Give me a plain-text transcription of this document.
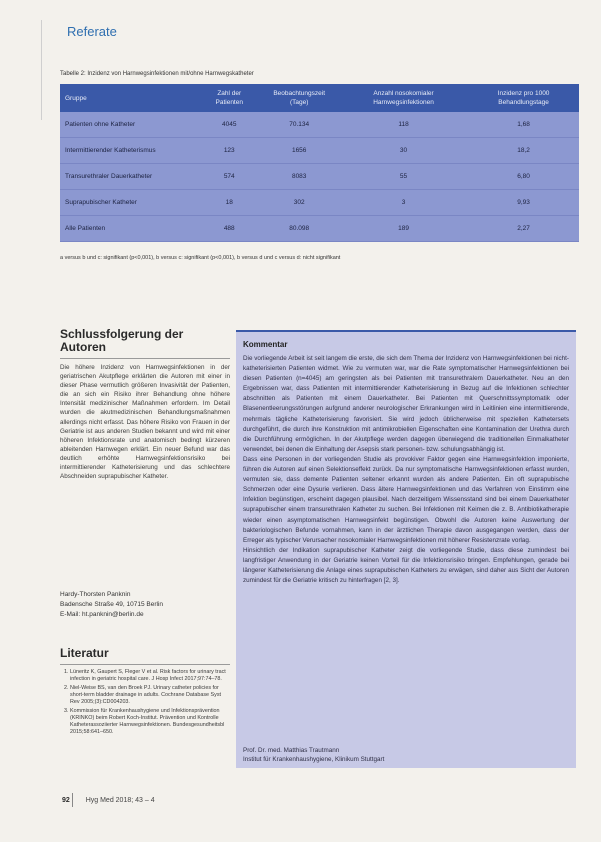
Referate
Tabelle 2: Inzidenz von Harnwegsinfektionen mit/ohne Harnwegskatheter
Gruppe	Zahl der Patienten	Beobachtungszeit (Tage)	Anzahl nosokomialer Harnwegsinfektionen	Inzidenz pro 1000 Behandlungstage
Patienten ohne Katheter	4045	70.134	118	1,68
Intermittierender Katheterismus	123	1656	30	18,2
Transurethraler Dauerkatheter	574	8083	55	6,80
Suprapubischer Katheter	18	302	3	9,93
Alle Patienten	488	80.098	189	2,27
a versus b und c: signifikant (p<0,001), b versus c: signifikant (p<0,001), b versus d und c versus d: nicht signifikant
Schlussfolgerung der Autoren
Die höhere Inzidenz von Harnwegsinfektionen in der geriatrischen Akutpflege erklärten die Autoren mit einer in dieser Phase vermutlich größeren Invasivität der Patienten, die an sich ein Risiko ihrer Behandlung ohne höhere Intensität medizinischer Maßnahmen erfordern. Im Detail wurden die akutmedizinischen Behandlungsmaßnahmen allerdings nicht erfasst. Das höhere Risiko von Frauen in der Geriatrie ist aus anderen Studien bekannt und wird mit einer höheren Infektionsrate und anatomisch bedingt kürzeren ableitenden Harnwegen erklärt. Ein neuer Befund war das deutlich erhöhte Harnwegsinfektionsrisiko bei intermittierender Katheterisierung und das schlechtere Abschneiden suprapubischer Katheter.
Hardy-Thorsten Panknin
Badensche Straße 49, 10715 Berlin
E-Mail: ht.panknin@berlin.de
Literatur
1. Lüneritz K, Gaupert S, Fleger V et al. Risk factors for urinary tract infection in geriatric hospital care. J Hosp Infect 2017;97:74–78.
2. Niel-Weise BS, van den Broek PJ. Urinary catheter policies for short-term bladder drainage in adults. Cochrane Database Syst Rev 2005;(3):CD004203.
3. Kommission für Krankenhaushygiene und Infektionsprävention (KRINKO) beim Robert Koch-Institut. Prävention und Kontrolle Katheterassoziierter Harnwegsinfektionen. Bundesgesundheitsbl 2015;58:641–650.
Kommentar

Die vorliegende Arbeit ist seit langem die erste, die sich dem Thema der Inzidenz von Harnwegsinfektionen bei nicht-katheterisierten Patienten widmet. Wie zu vermuten war, war die Rate symptomatischer Harnwegsinfektionen bei diesen Patienten (n=4045) am geringsten als bei Patienten mit transurethralem Dauerkatheter. Neu an den Ergebnissen war, dass Patienten mit intermittierender Katheterisierung in Bezug auf die Infektionen schlechter abschnitten als Patienten mit einem Dauerkatheter. Bei Patienten mit Querschnittssymptomatik oder Blasenentleerungsstörungen aufgrund anderer neurologischer Erkrankungen wird in Leitlinien eine intermittierende, mehrmals tägliche Katheterisierung favorisiert. Sie wird jedoch üblicherweise mit speziellen Kathetersets durchgeführt, die durch ihre Konstruktion mit antimikrobiellen Eigenschaften eine Kontamination der Urethra durch die Durchführung ermöglichen. In der Akutpflege werden dagegen überwiegend die traditionellen Einmalkatheter verwendet, bei denen die Einhaltung der Asepsis stark personen- bzw. schulungsabhängig ist.

Dass eine Personen in der vorliegenden Studie als provokiver Faktor gegen eine Harnwegsinfektion imponierte, führen die Autoren auf einen Selektionseffekt zurück. Da nur symptomatische Harnwegsinfektionen erfasst wurden, vermuten sie, dass demente Patienten seltener erkannt wurden als andere Patienten. Ein oft suprapubische Schmerzen oder eine Dysurie verlieren. Dass ältere Harnwegsinfektionen und das Verfahren von Einstimm eine Infektion begünstigen, erscheint dagegen plausibel. Nach derzeitigem Wissensstand sind bei einem Dauerkatheter suprapubischer einem transurethralen Katheter zu suchen. Bei Infektionen mit Keimen die z. B. Antibiotikatherapie wieder einen asymptomatischen Harnwegsinfekt begünstigen. Obwohl die Autoren keine Auswertung der bakteriologischen Befunde vornahmen, kann in der ärztlichen Therapie davon ausgegangen werden, dass der Erreger als typischer Verursacher nosokomialer Harnwegsinfektionen mit höherer Resistenzrate vorlag.

Hinsichtlich der Indikation suprapubischer Katheter zeigt die vorliegende Studie, dass diese zumindest bei langfristiger Anwendung in der Geriatrie keinen Vorteil für die Infektionsrisiko bringen. Empfehlungen, gerade bei längerer Katheterisierung die Anlage eines suprapubischen Katheters zu erwägen, sind daher aus Sicht der Autoren zumindest für die Geriatrie kritisch zu hinterfragen [2, 3].

Prof. Dr. med. Matthias Trautmann
Institut für Krankenhaushygiene, Klinikum Stuttgart
92 Hyg Med 2018; 43 – 4
